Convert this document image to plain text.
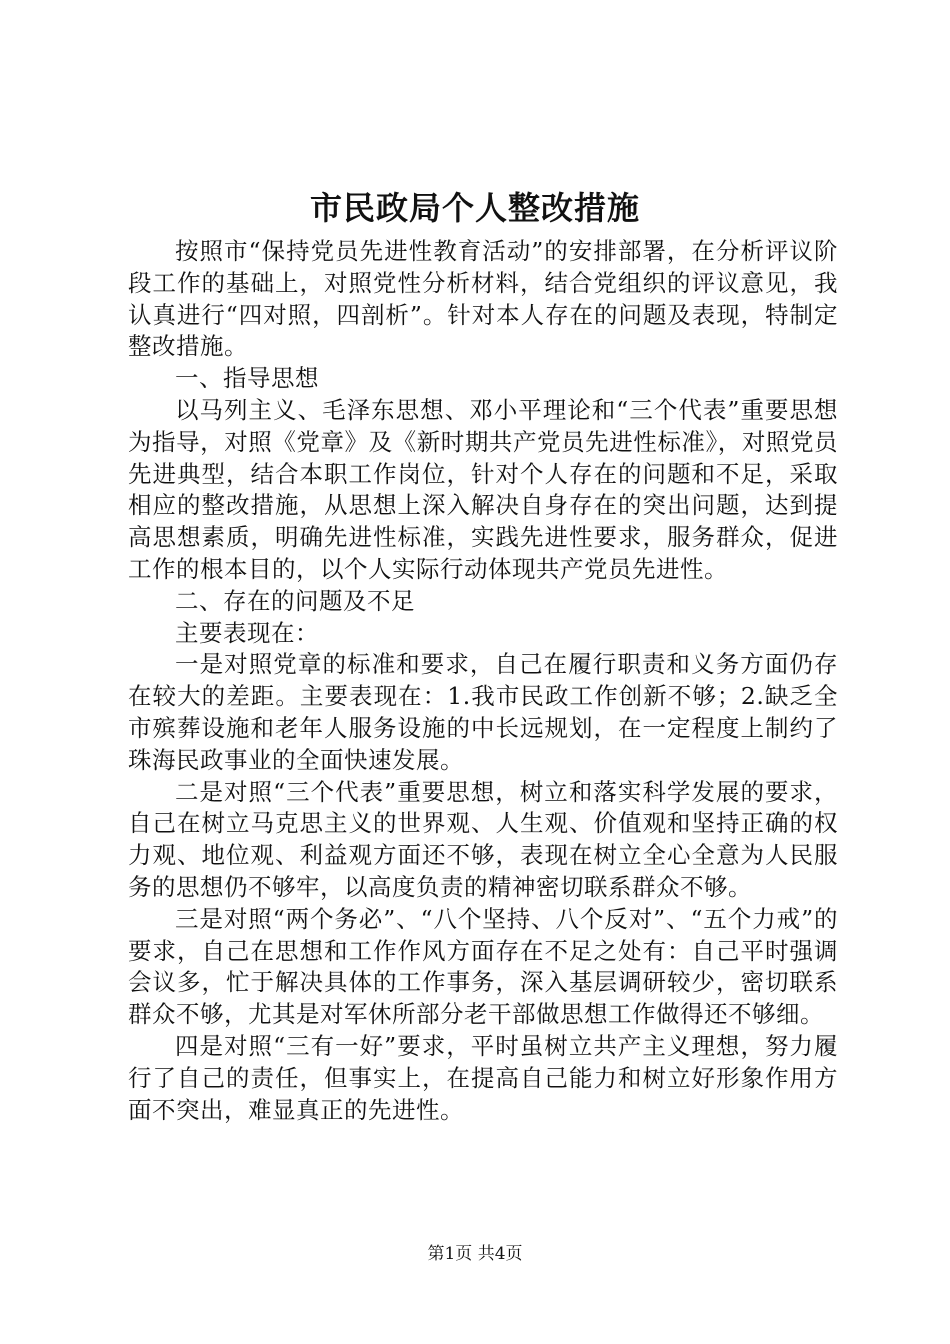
市民政局个人整改措施

按照市“保持党员先进性教育活动”的安排部署，在分析评议阶段工作的基础上，对照党性分析材料，结合党组织的评议意见，我认真进行“四对照，四剖析”。针对本人存在的问题及表现，特制定整改措施。

一、指导思想

以马列主义、毛泽东思想、邓小平理论和“三个代表”重要思想为指导，对照《党章》及《新时期共产党员先进性标准》，对照党员先进典型，结合本职工作岗位，针对个人存在的问题和不足，采取相应的整改措施，从思想上深入解决自身存在的突出问题，达到提高思想素质，明确先进性标准，实践先进性要求，服务群众，促进工作的根本目的，以个人实际行动体现共产党员先进性。

二、存在的问题及不足

主要表现在：

一是对照党章的标准和要求，自己在履行职责和义务方面仍存在较大的差距。主要表现在：1.我市民政工作创新不够；2.缺乏全市殡葬设施和老年人服务设施的中长远规划，在一定程度上制约了珠海民政事业的全面快速发展。

二是对照“三个代表”重要思想，树立和落实科学发展的要求，自己在树立马克思主义的世界观、人生观、价值观和坚持正确的权力观、地位观、利益观方面还不够，表现在树立全心全意为人民服务的思想仍不够牢，以高度负责的精神密切联系群众不够。

三是对照“两个务必”、“八个坚持、八个反对”、“五个力戒”的要求，自己在思想和工作作风方面存在不足之处有：自己平时强调会议多，忙于解决具体的工作事务，深入基层调研较少，密切联系群众不够，尤其是对军休所部分老干部做思想工作做得还不够细。

四是对照“三有一好”要求，平时虽树立共产主义理想，努力履行了自己的责任，但事实上，在提高自己能力和树立好形象作用方面不突出，难显真正的先进性。

第1页 共4页
